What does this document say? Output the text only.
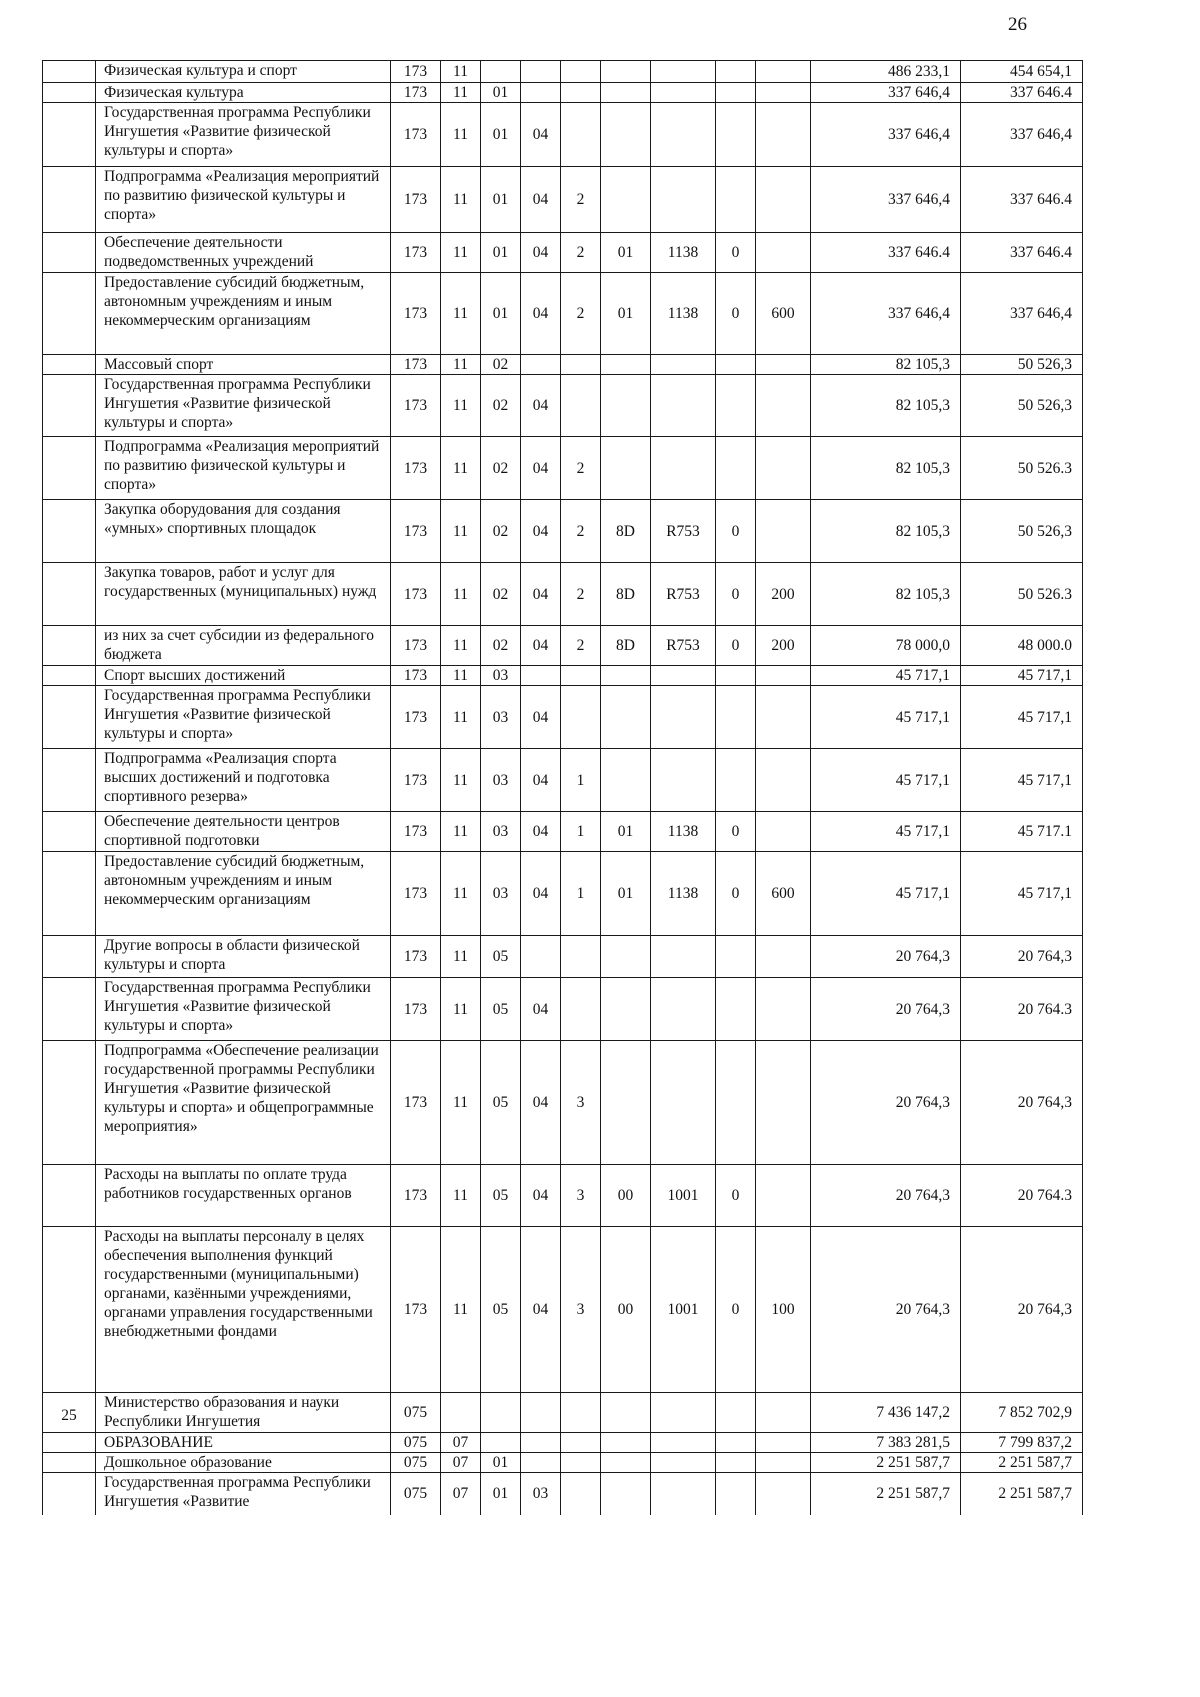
26
	Физическая культура и спорт	173	11								486 233,1	454 654,1
	Физическая культура	173	11	01							337 646,4	337 646.4
	Государственная программа Республики Ингушетия «Развитие физической культуры и спорта»	173	11	01	04						337 646,4	337 646,4
	Подпрограмма «Реализация мероприятий по развитию физической культуры и спорта»	173	11	01	04	2					337 646,4	337 646.4
	Обеспечение деятельности подведомственных учреждений	173	11	01	04	2	01	1138	0		337 646.4	337 646.4
	Предоставление субсидий бюджетным, автономным учреждениям и иным некоммерческим организациям	173	11	01	04	2	01	1138	0	600	337 646,4	337 646,4
	Массовый спорт	173	11	02							82 105,3	50 526,3
	Государственная программа Республики Ингушетия «Развитие физической культуры и спорта»	173	11	02	04						82 105,3	50 526,3
	Подпрограмма «Реализация мероприятий по развитию физической культуры и спорта»	173	11	02	04	2					82 105,3	50 526.3
	Закупка оборудования для создания «умных» спортивных площадок	173	11	02	04	2	8D	R753	0		82 105,3	50 526,3
	Закупка товаров, работ и услуг для государственных (муниципальных) нужд	173	11	02	04	2	8D	R753	0	200	82 105,3	50 526.3
	из них за счет субсидии из федерального бюджета	173	11	02	04	2	8D	R753	0	200	78 000,0	48 000.0
	Спорт высших достижений	173	11	03							45 717,1	45 717,1
	Государственная программа Республики Ингушетия «Развитие физической культуры и спорта»	173	11	03	04						45 717,1	45 717,1
	Подпрограмма «Реализация спорта высших достижений и подготовка спортивного резерва»	173	11	03	04	1					45 717,1	45 717,1
	Обеспечение деятельности центров спортивной подготовки	173	11	03	04	1	01	1138	0		45 717,1	45 717.1
	Предоставление субсидий бюджетным, автономным учреждениям и иным некоммерческим организациям	173	11	03	04	1	01	1138	0	600	45 717,1	45 717,1
	Другие вопросы в области физической культуры и спорта	173	11	05							20 764,3	20 764,3
	Государственная программа Республики Ингушетия «Развитие физической культуры и спорта»	173	11	05	04						20 764,3	20 764.3
	Подпрограмма «Обеспечение реализации государственной программы Республики Ингушетия «Развитие физической культуры и спорта» и общепрограммные мероприятия»	173	11	05	04	3					20 764,3	20 764,3
	Расходы на выплаты по оплате труда работников государственных органов	173	11	05	04	3	00	1001	0		20 764,3	20 764.3
	Расходы на выплаты персоналу в целях обеспечения выполнения функций государственными (муниципальными) органами, казёнными учреждениями, органами управления государственными внебюджетными фондами	173	11	05	04	3	00	1001	0	100	20 764,3	20 764,3
25	Министерство образования и науки Республики Ингушетия	075									7 436 147,2	7 852 702,9
	ОБРАЗОВАНИЕ	075	07								7 383 281,5	7 799 837,2
	Дошкольное образование	075	07	01							2 251 587,7	2 251 587,7
	Государственная программа Республики Ингушетия «Развитие	075	07	01	03						2 251 587,7	2 251 587,7
